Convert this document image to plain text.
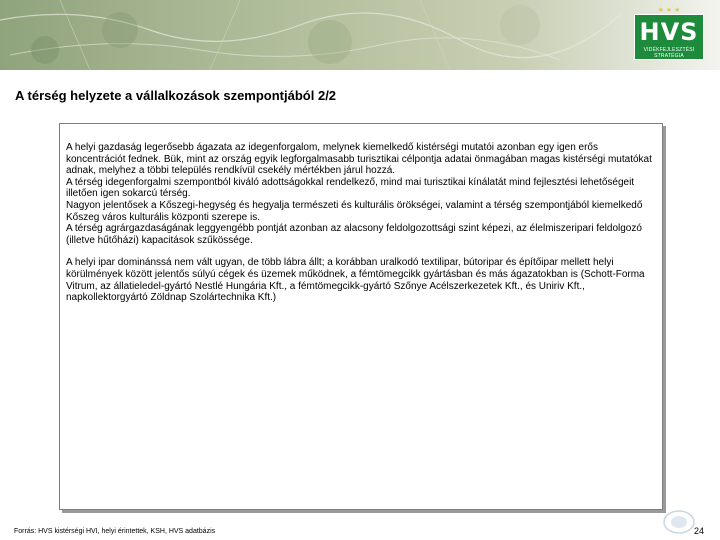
★ ★ ★
HVS
VIDÉKFEJLESZTÉSI STRATÉGIA
A térség helyzete a vállalkozások szempontjából 2/2

A helyi gazdaság legerősebb ágazata az idegenforgalom, melynek kiemelkedő kistérségi mutatói azonban egy igen erős koncentrációt fednek. Bük, mint az ország egyik legforgalmasabb turisztikai célpontja adatai önmagában magas kistérségi mutatókat adnak, melyhez a többi település rendkívül csekély mértékben járul hozzá.

A térség idegenforgalmi szempontból kiváló adottságokkal rendelkező, mind mai turisztikai kínálatát mind fejlesztési lehetőségeit illetően igen sokarcú térség.

Nagyon jelentősek a Kőszegi-hegység és hegyalja természeti és kulturális örökségei, valamint a térség szempontjából kiemelkedő Kőszeg város kulturális központi szerepe is.

A térség agrárgazdaságának leggyengébb pontját azonban az alacsony feldolgozottsági szint képezi, az élelmiszeripari feldolgozó (illetve hűtőházi) kapacitások szűkössége.

A helyi ipar dominánssá nem vált ugyan, de több lábra állt; a korábban uralkodó textilipar, bútoripar és építőipar mellett helyi körülmények között jelentős súlyú cégek és üzemek működnek, a fémtömegcikk gyártásban és más ágazatokban is (Schott-Forma Vitrum, az állatieledel-gyártó Nestlé Hungária Kft., a fémtömegcikk-gyártó Szőnye Acélszerkezetek Kft., és Uniriv Kft., napkollektorgyártó Zöldnap Szolártechnika Kft.)

Forrás: HVS kistérségi HVI, helyi érintettek, KSH, HVS adatbázis	24
